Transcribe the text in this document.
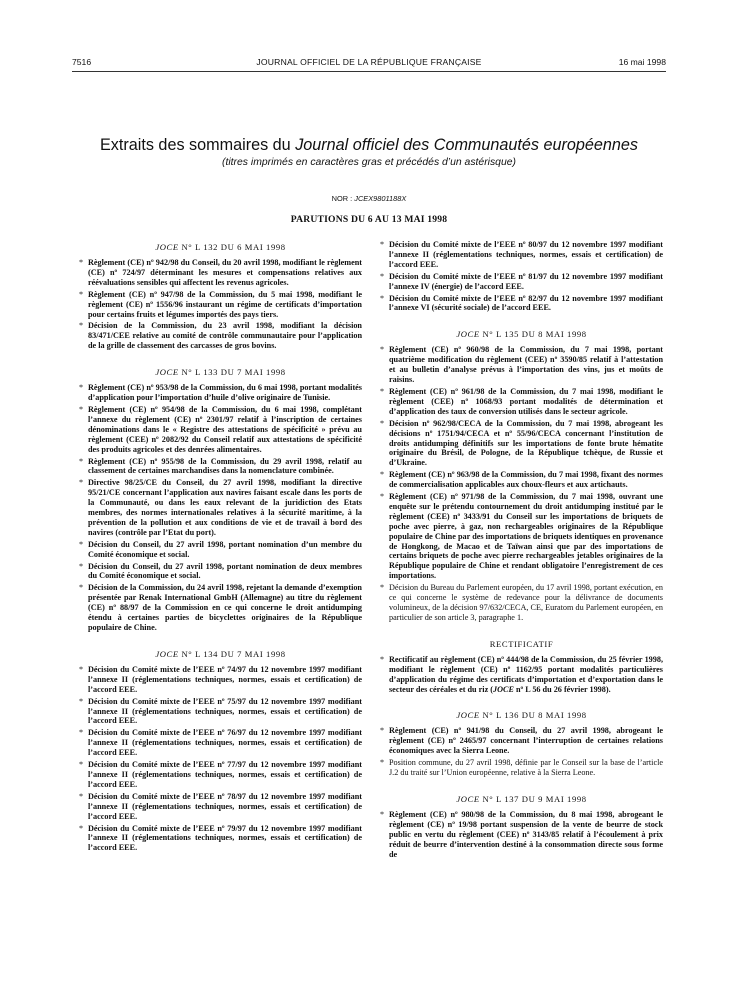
7516	JOURNAL OFFICIEL DE LA RÉPUBLIQUE FRANÇAISE	16 mai 1998
Extraits des sommaires du Journal officiel des Communautés européennes
(titres imprimés en caractères gras et précédés d’un astérisque)
NOR : JCEX9801188X
PARUTIONS DU 6 AU 13 MAI 1998
JOCE N° L 132 DU 6 MAI 1998
* Règlement (CE) nº 942/98 du Conseil, du 20 avril 1998, modifiant le règlement (CE) nº 724/97 déterminant les mesures et compensations relatives aux réévaluations sensibles qui affectent les revenus agricoles.
* Règlement (CE) nº 947/98 de la Commission, du 5 mai 1998, modifiant le règlement (CE) nº 1556/96 instaurant un régime de certificats d’importation pour certains fruits et légumes importés des pays tiers.
* Décision de la Commission, du 23 avril 1998, modifiant la décision 83/471/CEE relative au comité de contrôle communautaire pour l’application de la grille de classement des carcasses de gros bovins.
JOCE N° L 133 DU 7 MAI 1998
* Règlement (CE) nº 953/98 de la Commission, du 6 mai 1998, portant modalités d’application pour l’importation d’huile d’olive originaire de Tunisie.
* Règlement (CE) nº 954/98 de la Commission, du 6 mai 1998, complétant l’annexe du règlement (CE) nº 2301/97 relatif à l’inscription de certaines dénominations dans le « Registre des attestations de spécificité » prévu au règlement (CEE) nº 2082/92 du Conseil relatif aux attestations de spécificité des produits agricoles et des denrées alimentaires.
* Règlement (CE) nº 955/98 de la Commission, du 29 avril 1998, relatif au classement de certaines marchandises dans la nomenclature combinée.
* Directive 98/25/CE du Conseil, du 27 avril 1998, modifiant la directive 95/21/CE concernant l’application aux navires faisant escale dans les ports de la Communauté, ou dans les eaux relevant de la juridiction des Etats membres, des normes internationales relatives à la sécurité maritime, à la prévention de la pollution et aux conditions de vie et de travail à bord des navires (contrôle par l’Etat du port).
* Décision du Conseil, du 27 avril 1998, portant nomination d’un membre du Comité économique et social.
* Décision du Conseil, du 27 avril 1998, portant nomination de deux membres du Comité économique et social.
* Décision de la Commission, du 24 avril 1998, rejetant la demande d’exemption présentée par Renak International GmbH (Allemagne) au titre du règlement (CE) nº 88/97 de la Commission en ce qui concerne le droit antidumping étendu à certaines parties de bicyclettes originaires de la République populaire de Chine.
JOCE N° L 134 DU 7 MAI 1998
* Décision du Comité mixte de l’EEE nº 74/97 du 12 novembre 1997 modifiant l’annexe II (réglementations techniques, normes, essais et certification) de l’accord EEE.
* Décision du Comité mixte de l’EEE nº 75/97 du 12 novembre 1997 modifiant l’annexe II (réglementations techniques, normes, essais et certification) de l’accord EEE.
* Décision du Comité mixte de l’EEE nº 76/97 du 12 novembre 1997 modifiant l’annexe II (réglementations techniques, normes, essais et certification) de l’accord EEE.
* Décision du Comité mixte de l’EEE nº 77/97 du 12 novembre 1997 modifiant l’annexe II (réglementations techniques, normes, essais et certification) de l’accord EEE.
* Décision du Comité mixte de l’EEE nº 78/97 du 12 novembre 1997 modifiant l’annexe II (réglementations techniques, normes, essais et certification) de l’accord EEE.
* Décision du Comité mixte de l’EEE nº 79/97 du 12 novembre 1997 modifiant l’annexe II (réglementations techniques, normes, essais et certification) de l’accord EEE.
* Décision du Comité mixte de l’EEE nº 80/97 du 12 novembre 1997 modifiant l’annexe II (réglementations techniques, normes, essais et certification) de l’accord EEE.
* Décision du Comité mixte de l’EEE nº 81/97 du 12 novembre 1997 modifiant l’annexe IV (énergie) de l’accord EEE.
* Décision du Comité mixte de l’EEE nº 82/97 du 12 novembre 1997 modifiant l’annexe VI (sécurité sociale) de l’accord EEE.
JOCE N° L 135 DU 8 MAI 1998
* Règlement (CE) nº 960/98 de la Commission, du 7 mai 1998, portant quatrième modification du règlement (CEE) nº 3590/85 relatif à l’attestation et au bulletin d’analyse prévus à l’importation des vins, jus et moûts de raisins.
* Règlement (CE) nº 961/98 de la Commission, du 7 mai 1998, modifiant le règlement (CEE) nº 1068/93 portant modalités de détermination et d’application des taux de conversion utilisés dans le secteur agricole.
* Décision nº 962/98/CECA de la Commission, du 7 mai 1998, abrogeant les décisions nº 1751/94/CECA et nº 55/96/CECA concernant l’institution de droits antidumping définitifs sur les importations de fonte brute hématite originaire du Brésil, de Pologne, de la République tchèque, de Russie et d’Ukraine.
* Règlement (CE) nº 963/98 de la Commission, du 7 mai 1998, fixant des normes de commercialisation applicables aux choux-fleurs et aux artichauts.
* Règlement (CE) nº 971/98 de la Commission, du 7 mai 1998, ouvrant une enquête sur le prétendu contournement du droit antidumping institué par le règlement (CEE) nº 3433/91 du Conseil sur les importations de briquets de poche avec pierre, à gaz, non rechargeables originaires de la République populaire de Chine par des importations de briquets identiques en provenance de Hongkong, de Macao et de Taïwan ainsi que par des importations de certains briquets de poche avec pierre rechargeables jetables originaires de la République populaire de Chine et rendant obligatoire l’enregistrement de ces importations.
* Décision du Bureau du Parlement européen, du 17 avril 1998, portant exécution, en ce qui concerne le système de redevance pour la délivrance de documents volumineux, de la décision 97/632/CECA, CE, Euratom du Parlement européen, en particulier de son article 3, paragraphe 1.
RECTIFICATIF
* Rectificatif au règlement (CE) nº 444/98 de la Commission, du 25 février 1998, modifiant le règlement (CE) nº 1162/95 portant modalités particulières d’application du régime des certificats d’importation et d’exportation dans le secteur des céréales et du riz (JOCE nº L 56 du 26 février 1998).
JOCE N° L 136 DU 8 MAI 1998
* Règlement (CE) nº 941/98 du Conseil, du 27 avril 1998, abrogeant le règlement (CE) nº 2465/97 concernant l’interruption de certaines relations économiques avec la Sierra Leone.
* Position commune, du 27 avril 1998, définie par le Conseil sur la base de l’article J.2 du traité sur l’Union européenne, relative à la Sierra Leone.
JOCE N° L 137 DU 9 MAI 1998
* Règlement (CE) nº 980/98 de la Commission, du 8 mai 1998, abrogeant le règlement (CE) nº 19/98 portant suspension de la vente de beurre de stock public en vertu du règlement (CEE) nº 3143/85 relatif à l’écoulement à prix réduit de beurre d’intervention destiné à la consommation directe sous forme de
